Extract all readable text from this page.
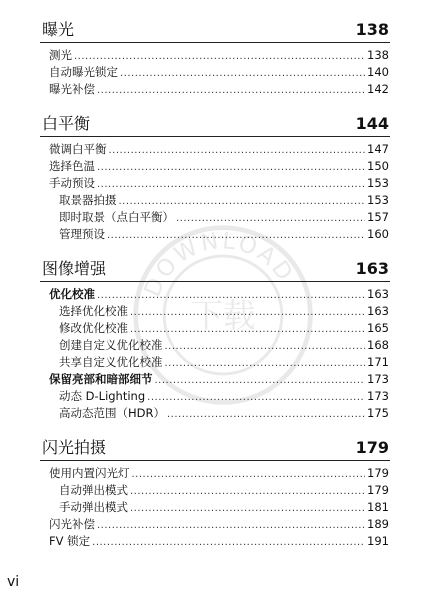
DOWNLOAD
下载
曝光	138
测光 .....	138
自动曝光锁定 .....	140
曝光补偿 .....	142
白平衡	144
微调白平衡 .....	147
选择色温 .....	150
手动预设 .....	153
取景器拍摄 .....	153
即时取景（点白平衡） .....	157
管理预设 .....	160
图像增强	163
优化校准 .....	163
选择优化校准 .....	163
修改优化校准 .....	165
创建自定义优化校准 .....	168
共享自定义优化校准 .....	171
保留亮部和暗部细节 .....	173
动态 D-Lighting .....	173
高动态范围（HDR） .....	175
闪光拍摄	179
使用内置闪光灯 .....	179
自动弹出模式 .....	179
手动弹出模式 .....	181
闪光补偿 .....	189
FV 锁定 .....	191
vi
